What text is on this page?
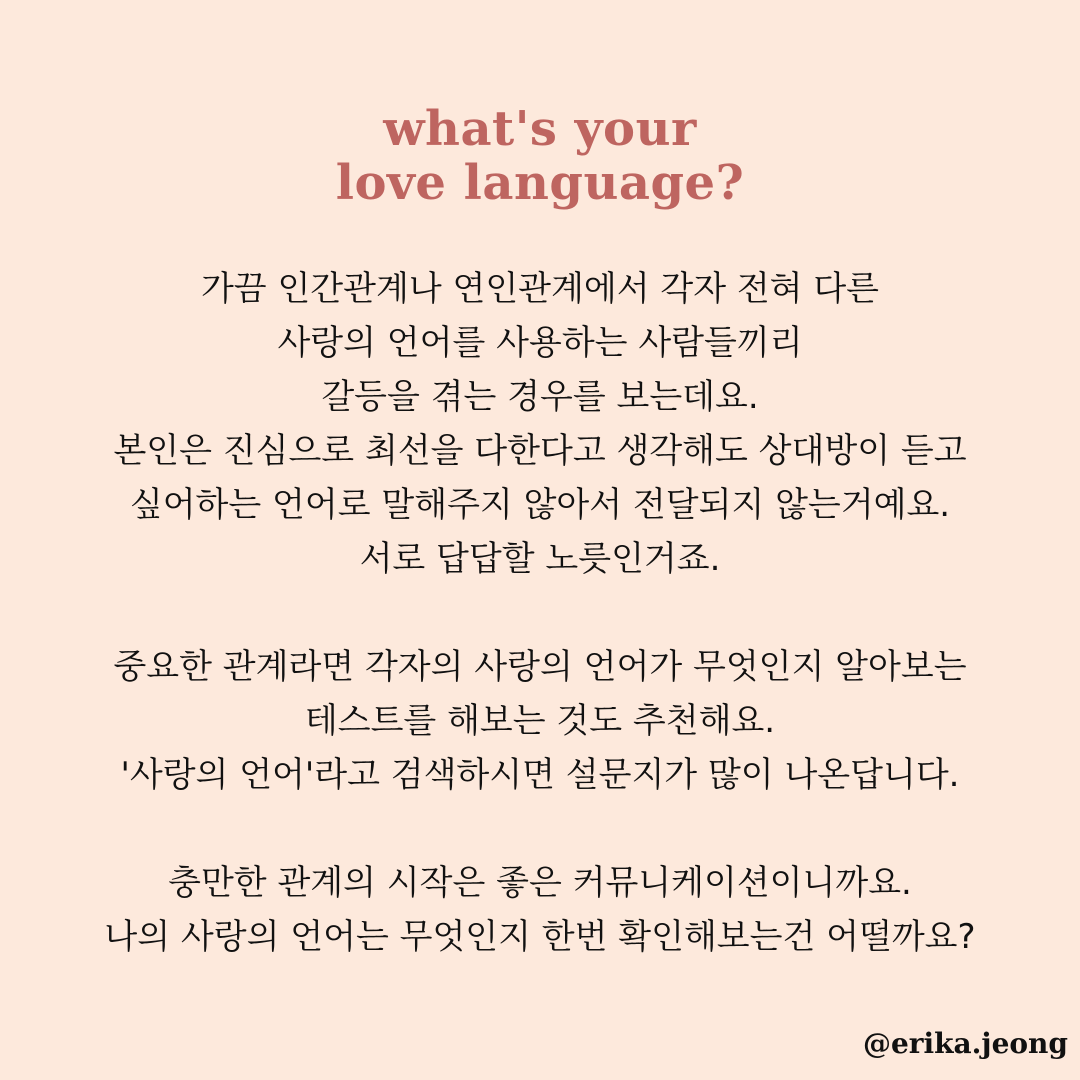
what's your
love language?
가끔 인간관계나 연인관계에서 각자 전혀 다른
사랑의 언어를 사용하는 사람들끼리
갈등을 겪는 경우를 보는데요.
본인은 진심으로 최선을 다한다고 생각해도 상대방이 듣고
싶어하는 언어로 말해주지 않아서 전달되지 않는거예요.
서로 답답할 노릇인거죠.
중요한 관계라면 각자의 사랑의 언어가 무엇인지 알아보는
테스트를 해보는 것도 추천해요.
'사랑의 언어'라고 검색하시면 설문지가 많이 나온답니다.
충만한 관계의 시작은 좋은 커뮤니케이션이니까요.
나의 사랑의 언어는 무엇인지 한번 확인해보는건 어떨까요?
@erika.jeong
